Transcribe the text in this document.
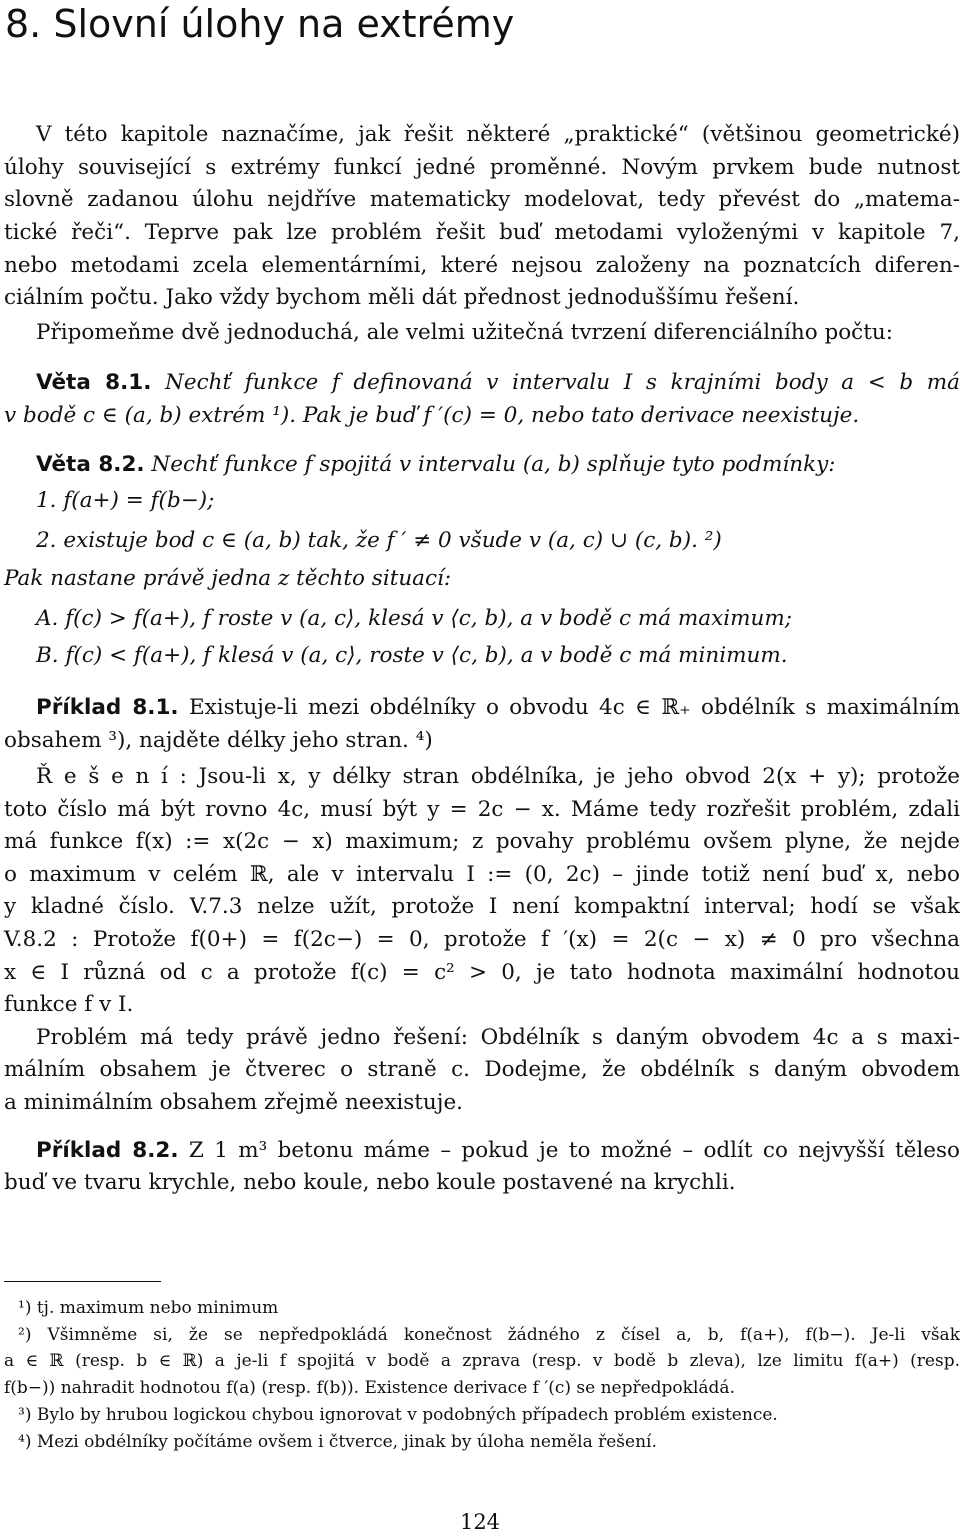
8. Slovní úlohy na extrémy
V této kapitole naznačíme, jak řešit některé „praktické“ (většinou geometrické)
úlohy související s extrémy funkcí jedné proměnné. Novým prvkem bude nutnost
slovně zadanou úlohu nejdříve matematicky modelovat, tedy převést do „matema-
tické řeči“. Teprve pak lze problém řešit buď metodami vyloženými v kapitole 7,
nebo metodami zcela elementárními, které nejsou založeny na poznatcích diferen-
ciálním počtu. Jako vždy bychom měli dát přednost jednoduššímu řešení.
Připomeňme dvě jednoduchá, ale velmi užitečná tvrzení diferenciálního počtu:
Věta 8.1. Nechť funkce f definovaná v intervalu I s krajními body a < b má
v bodě c ∈ (a, b) extrém ¹). Pak je buď f ′(c) = 0, nebo tato derivace neexistuje.
Věta 8.2. Nechť funkce f spojitá v intervalu (a, b) splňuje tyto podmínky:
1. f(a+) = f(b−);
2. existuje bod c ∈ (a, b) tak, že f ′ ≠ 0 všude v (a, c) ∪ (c, b). ²)
Pak nastane právě jedna z těchto situací:
A. f(c) > f(a+), f roste v (a, c⟩, klesá v ⟨c, b), a v bodě c má maximum;
B. f(c) < f(a+), f klesá v (a, c⟩, roste v ⟨c, b), a v bodě c má minimum.
Příklad 8.1. Existuje-li mezi obdélníky o obvodu 4c ∈ ℝ₊ obdélník s maximálním
obsahem ³), najděte délky jeho stran. ⁴)
Ř e š e n í : Jsou-li x, y délky stran obdélníka, je jeho obvod 2(x + y); protože
toto číslo má být rovno 4c, musí být y = 2c − x. Máme tedy rozřešit problém, zdali
má funkce f(x) := x(2c − x) maximum; z povahy problému ovšem plyne, že nejde
o maximum v celém ℝ, ale v intervalu I := (0, 2c) – jinde totiž není buď x, nebo
y kladné číslo. V.7.3 nelze užít, protože I není kompaktní interval; hodí se však
V.8.2 : Protože f(0+) = f(2c−) = 0, protože f ′(x) = 2(c − x) ≠ 0 pro všechna
x ∈ I různá od c a protože f(c) = c² > 0, je tato hodnota maximální hodnotou
funkce f v I.
Problém má tedy právě jedno řešení: Obdélník s daným obvodem 4c a s maxi-
málním obsahem je čtverec o straně c. Dodejme, že obdélník s daným obvodem
a minimálním obsahem zřejmě neexistuje.
Příklad 8.2. Z 1 m³ betonu máme – pokud je to možné – odlít co nejvyšší těleso
buď ve tvaru krychle, nebo koule, nebo koule postavené na krychli.
¹) tj. maximum nebo minimum
²) Všimněme si, že se nepředpokládá konečnost žádného z čísel a, b, f(a+), f(b−). Je-li však
a ∈ ℝ (resp. b ∈ ℝ) a je-li f spojitá v bodě a zprava (resp. v bodě b zleva), lze limitu f(a+) (resp.
f(b−)) nahradit hodnotou f(a) (resp. f(b)). Existence derivace f ′(c) se nepředpokládá.
³) Bylo by hrubou logickou chybou ignorovat v podobných případech problém existence.
⁴) Mezi obdélníky počítáme ovšem i čtverce, jinak by úloha neměla řešení.
124
